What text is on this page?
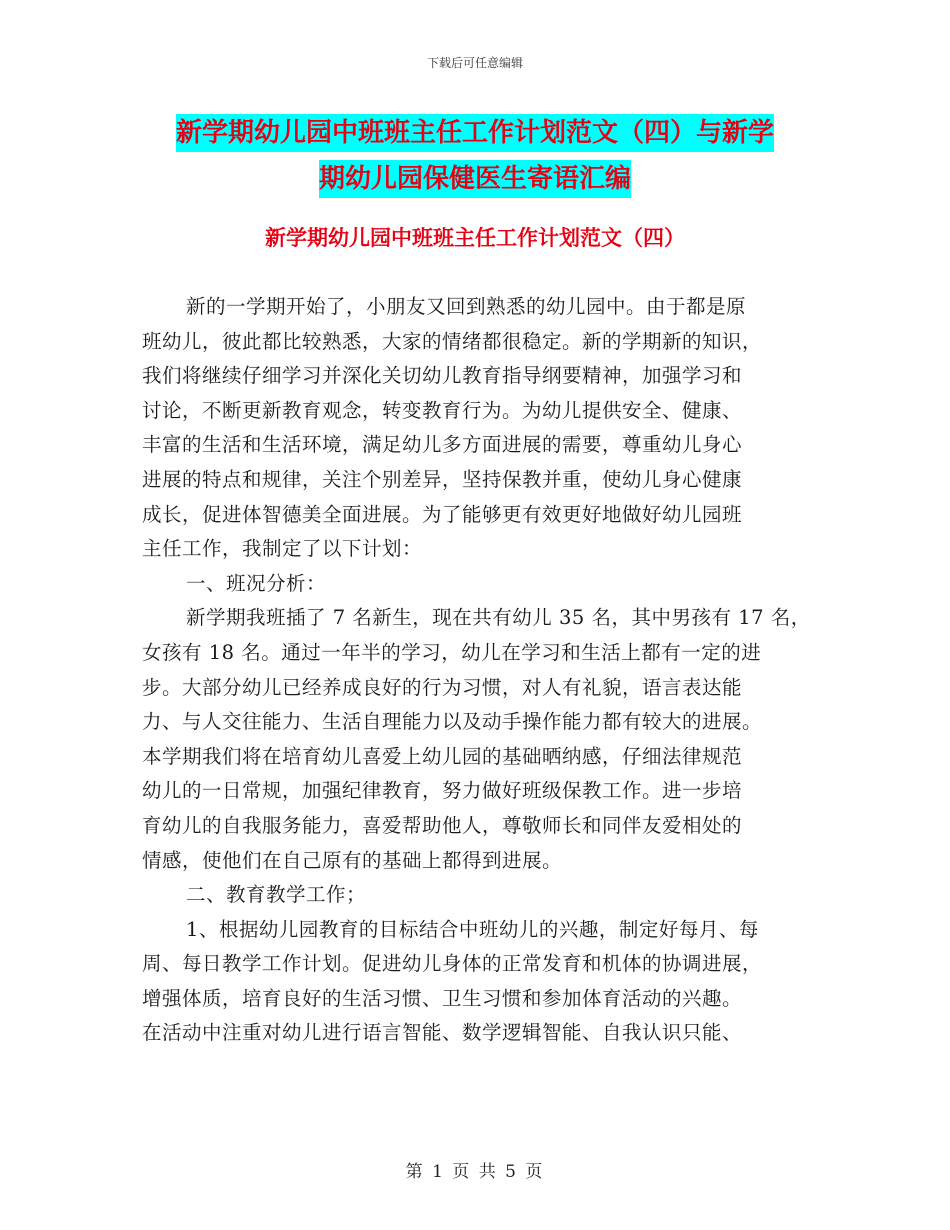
下载后可任意编辑
新学期幼儿园中班班主任工作计划范文（四）与新学
期幼儿园保健医生寄语汇编
新学期幼儿园中班班主任工作计划范文（四）
新的一学期开始了，小朋友又回到熟悉的幼儿园中。由于都是原
班幼儿，彼此都比较熟悉，大家的情绪都很稳定。新的学期新的知识，
我们将继续仔细学习并深化关切幼儿教育指导纲要精神，加强学习和
讨论，不断更新教育观念，转变教育行为。为幼儿提供安全、健康、
丰富的生活和生活环境，满足幼儿多方面进展的需要，尊重幼儿身心
进展的特点和规律，关注个别差异，坚持保教并重，使幼儿身心健康
成长，促进体智德美全面进展。为了能够更有效更好地做好幼儿园班
主任工作，我制定了以下计划：
一、班况分析：
新学期我班插了 7 名新生，现在共有幼儿 35 名，其中男孩有 17 名，
女孩有 18 名。通过一年半的学习，幼儿在学习和生活上都有一定的进
步。大部分幼儿已经养成良好的行为习惯，对人有礼貌，语言表达能
力、与人交往能力、生活自理能力以及动手操作能力都有较大的进展。
本学期我们将在培育幼儿喜爱上幼儿园的基础晒纳感，仔细法律规范
幼儿的一日常规，加强纪律教育，努力做好班级保教工作。进一步培
育幼儿的自我服务能力，喜爱帮助他人，尊敬师长和同伴友爱相处的
情感，使他们在自己原有的基础上都得到进展。
二、教育教学工作；
1、根据幼儿园教育的目标结合中班幼儿的兴趣，制定好每月、每
周、每日教学工作计划。促进幼儿身体的正常发育和机体的协调进展，
增强体质，培育良好的生活习惯、卫生习惯和参加体育活动的兴趣。
在活动中注重对幼儿进行语言智能、数学逻辑智能、自我认识只能、
第 1 页 共 5 页
